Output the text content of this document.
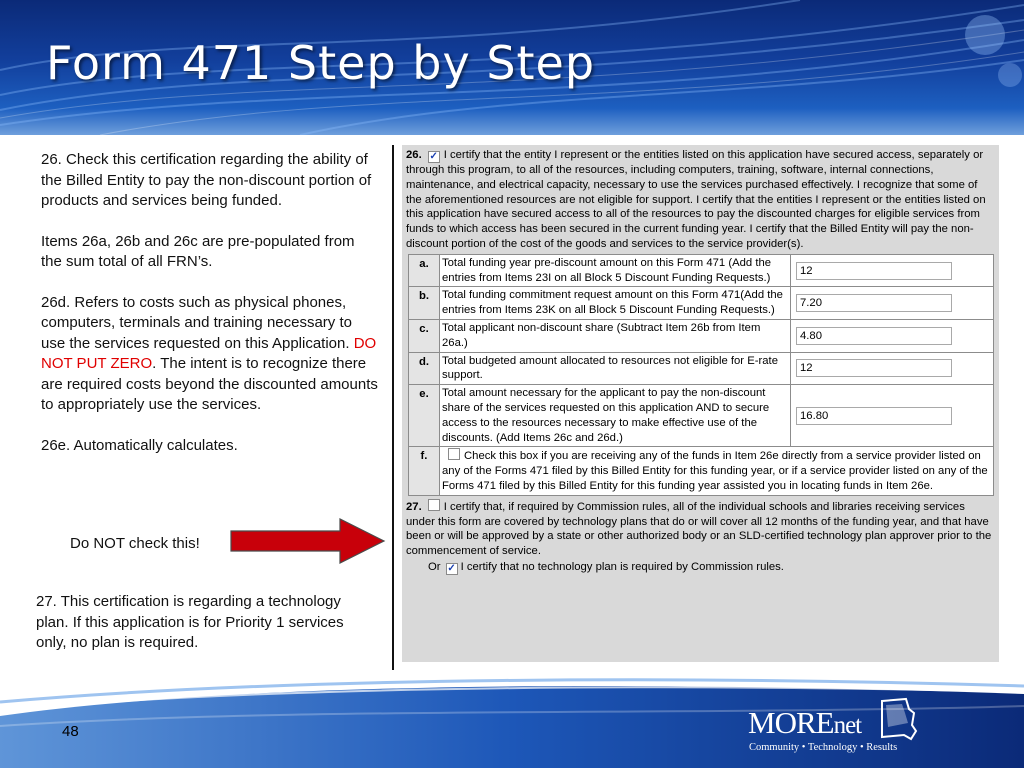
Form 471 Step by Step

26. Check this certification regarding the ability of the Billed Entity to pay the non-discount portion of products and services being funded.

Items 26a, 26b and 26c are pre-populated from the sum total of all FRN’s.

26d. Refers to costs such as physical phones, computers, terminals and training necessary to use the services requested on this Application. DO NOT PUT ZERO. The intent is to recognize there are required costs beyond the discounted amounts to appropriately use the services.

26e. Automatically calculates.

Do NOT check this!

27. This certification is regarding a technology plan. If this application is for Priority 1 services only, no plan is required.

26. ✓ I certify that the entity I represent or the entities listed on this application have secured access, separately or through this program, to all of the resources, including computers, training, software, internal connections, maintenance, and electrical capacity, necessary to use the services purchased effectively. I recognize that some of the aforementioned resources are not eligible for support. I certify that the entities I represent or the entities listed on this application have secured access to all of the resources to pay the discounted charges for eligible services from funds to which access has been secured in the current funding year. I certify that the Billed Entity will pay the non-discount portion of the cost of the goods and services to the service provider(s).
a.	Total funding year pre-discount amount on this Form 471 (Add the entries from Items 23I on all Block 5 Discount Funding Requests.)	12

b.	Total funding commitment request amount on this Form 471(Add the entries from Items 23K on all Block 5 Discount Funding Requests.)	7.20

c.	Total applicant non-discount share (Subtract Item 26b from Item 26a.)	4.80

d.	Total budgeted amount allocated to resources not eligible for E-rate support.	12

e.	Total amount necessary for the applicant to pay the non-discount share of the services requested on this application AND to secure access to the resources necessary to make effective use of the discounts. (Add Items 26c and 26d.)	16.80

f.	Check this box if you are receiving any of the funds in Item 26e directly from a service provider listed on any of the Forms 471 filed by this Billed Entity for this funding year, or if a service provider listed on any of the Forms 471 filed by this Billed Entity for this funding year assisted you in locating funds in Item 26e.	
27. I certify that, if required by Commission rules, all of the individual schools and libraries receiving services under this form are covered by technology plans that do or will cover all 12 months of the funding year, and that have been or will be approved by a state or other authorized body or an SLD-certified technology plan approver prior to the commencement of service.
Or ✓ I certify that no technology plan is required by Commission rules.
48	MOREnet
Community • Technology • Results
